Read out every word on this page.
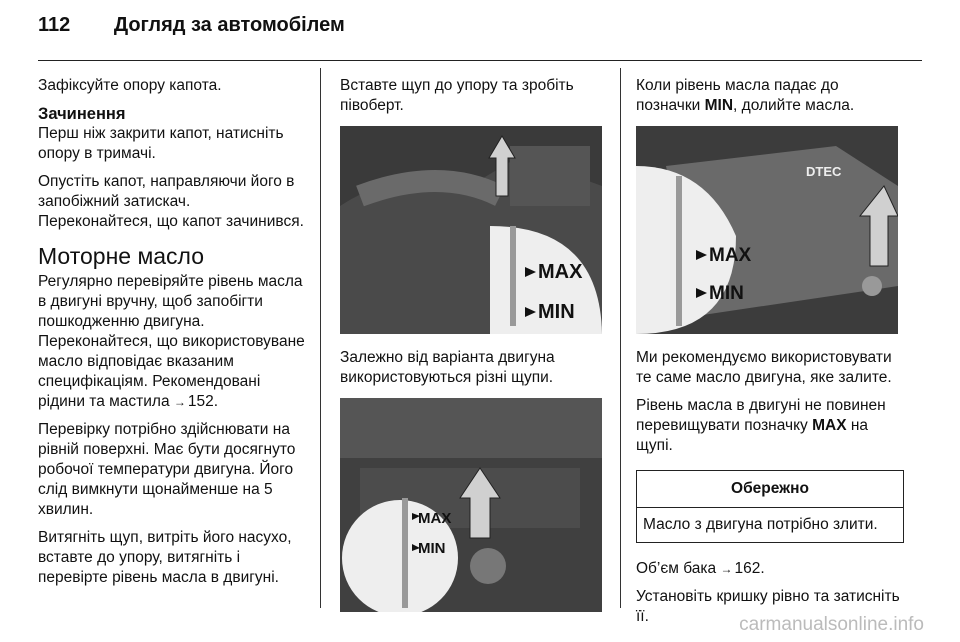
112 Догляд за автомобілем

Зафіксуйте опору капота.

Зачинення

Перш ніж закрити капот, натисніть опору в тримачі.

Опустіть капот, направляючи його в запобіжний затискач. Переконайтеся, що капот зачинився.

Моторне масло

Регулярно перевіряйте рівень масла в двигуні вручну, щоб запобігти пошкодженню двигуна. Переконайтеся, що використовуване масло відповідає вказаним специфікаціям. Рекомендовані рідини та мастила → 152.

Перевірку потрібно здійснювати на рівній поверхні. Має бути досягнуто робочої температури двигуна. Його слід вимкнути щонайменше на 5 хвилин.

Витягніть щуп, витріть його насухо, вставте до упору, витягніть і перевірте рівень масла в двигуні.

Вставте щуп до упору та зробіть півоберт.

MAX
MIN

Залежно від варіанта двигуна використовуються різні щупи.

MAX
MIN

Коли рівень масла падає до позначки MIN, долийте масла.

DTEC
MAX
MIN

Ми рекомендуємо використовувати те саме масло двигуна, яке залите.

Рівень масла в двигуні не повинен перевищувати позначку MAX на щупі.

Обережно
Масло з двигуна потрібно злити.

Об’єм бака → 162.

Установіть кришку рівно та затисніть її.	carmanualsonline.info
